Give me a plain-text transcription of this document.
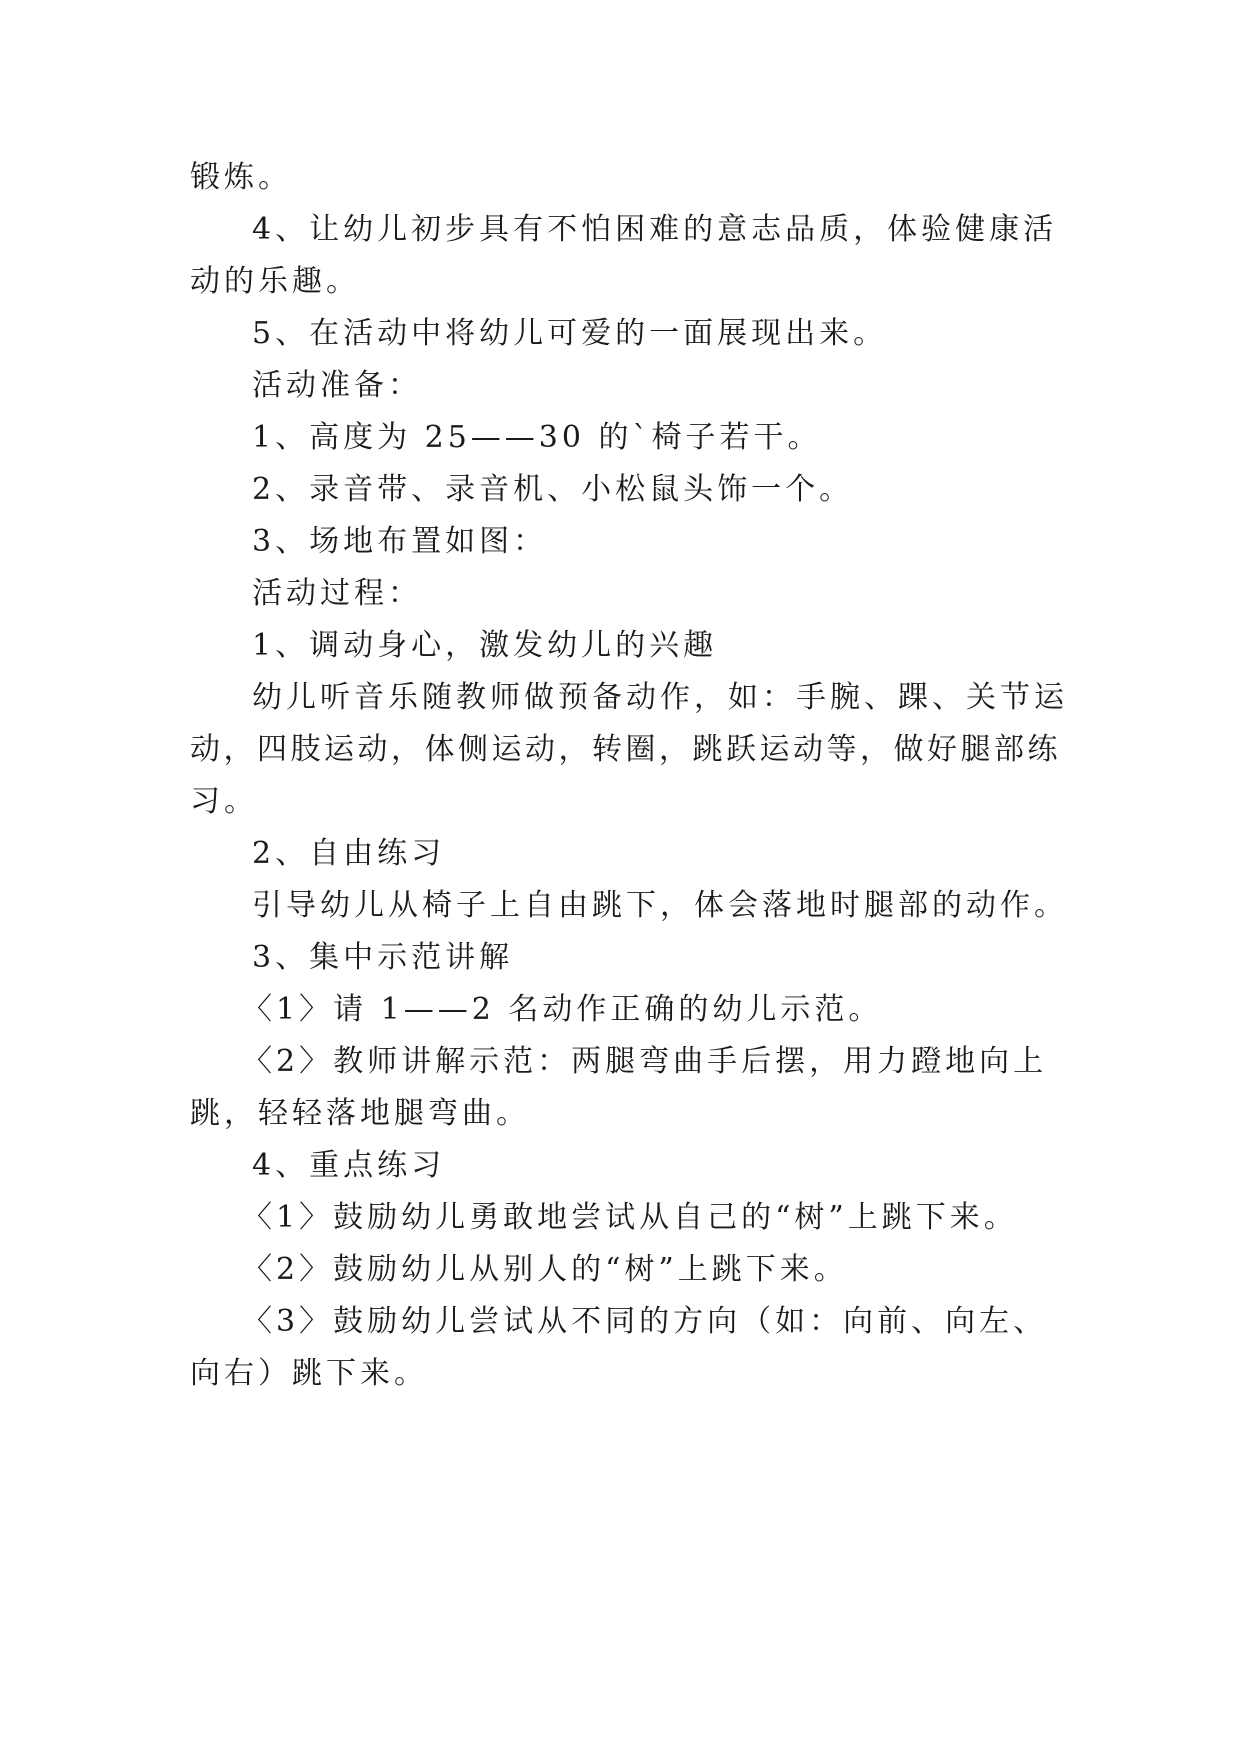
锻炼。
4、让幼儿初步具有不怕困难的意志品质，体验健康活
动的乐趣。
5、在活动中将幼儿可爱的一面展现出来。
活动准备：
1、高度为 25——30 的`椅子若干。
2、录音带、录音机、小松鼠头饰一个。
3、场地布置如图：
活动过程：
1、调动身心，激发幼儿的兴趣
幼儿听音乐随教师做预备动作，如：手腕、踝、关节运
动，四肢运动，体侧运动，转圈，跳跃运动等，做好腿部练
习。
2、自由练习
引导幼儿从椅子上自由跳下，体会落地时腿部的动作。
3、集中示范讲解
〈1〉请 1——2 名动作正确的幼儿示范。
〈2〉教师讲解示范：两腿弯曲手后摆，用力蹬地向上
跳，轻轻落地腿弯曲。
4、重点练习
〈1〉鼓励幼儿勇敢地尝试从自己的“树”上跳下来。
〈2〉鼓励幼儿从别人的“树”上跳下来。
〈3〉鼓励幼儿尝试从不同的方向（如：向前、向左、
向右）跳下来。
